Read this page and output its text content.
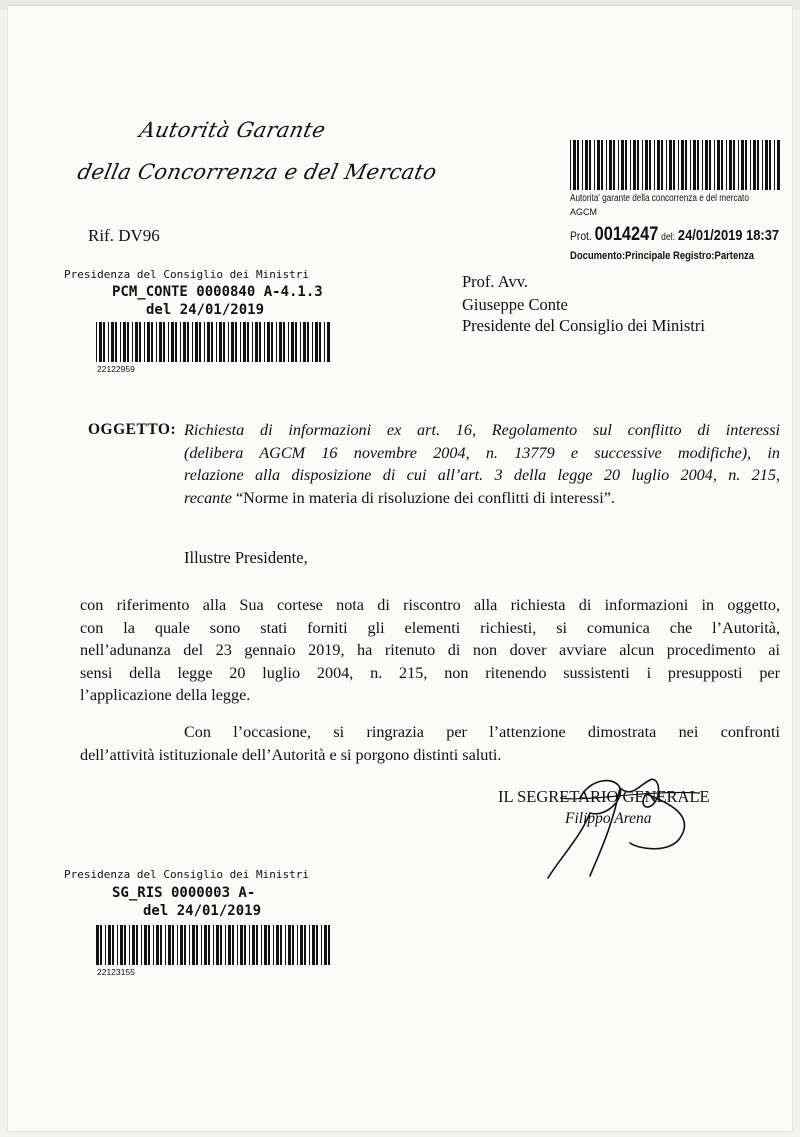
Autorità Garante
della Concorrenza e del Mercato
Rif. DV96
Autorita' garante della concorrenza e del mercato
AGCM
Prot. 0014247 del: 24/01/2019 18:37
Documento:Principale Registro:Partenza
Presidenza del Consiglio dei Ministri
PCM_CONTE 0000840 A-4.1.3
del 24/01/2019
22122959
Prof. Avv.
Giuseppe Conte
Presidente del Consiglio dei Ministri
OGGETTO: Richiesta di informazioni ex art. 16, Regolamento sul conflitto di interessi
(delibera AGCM 16 novembre 2004, n. 13779 e successive modifiche), in
relazione alla disposizione di cui all’art. 3 della legge 20 luglio 2004, n. 215,
recante “Norme in materia di risoluzione dei conflitti di interessi”.
Illustre Presidente,
con riferimento alla Sua cortese nota di riscontro alla richiesta di informazioni in oggetto,
con la quale sono stati forniti gli elementi richiesti, si comunica che l’Autorità,
nell’adunanza del 23 gennaio 2019, ha ritenuto di non dover avviare alcun procedimento ai
sensi della legge 20 luglio 2004, n. 215, non ritenendo sussistenti i presupposti per
l’applicazione della legge.
Con l’occasione, si ringrazia per l’attenzione dimostrata nei confronti
dell’attività istituzionale dell’Autorità e si porgono distinti saluti.
IL SEGRETARIO GENERALE
Filippo Arena
Presidenza del Consiglio dei Ministri
SG_RIS 0000003 A-
del 24/01/2019
22123155
